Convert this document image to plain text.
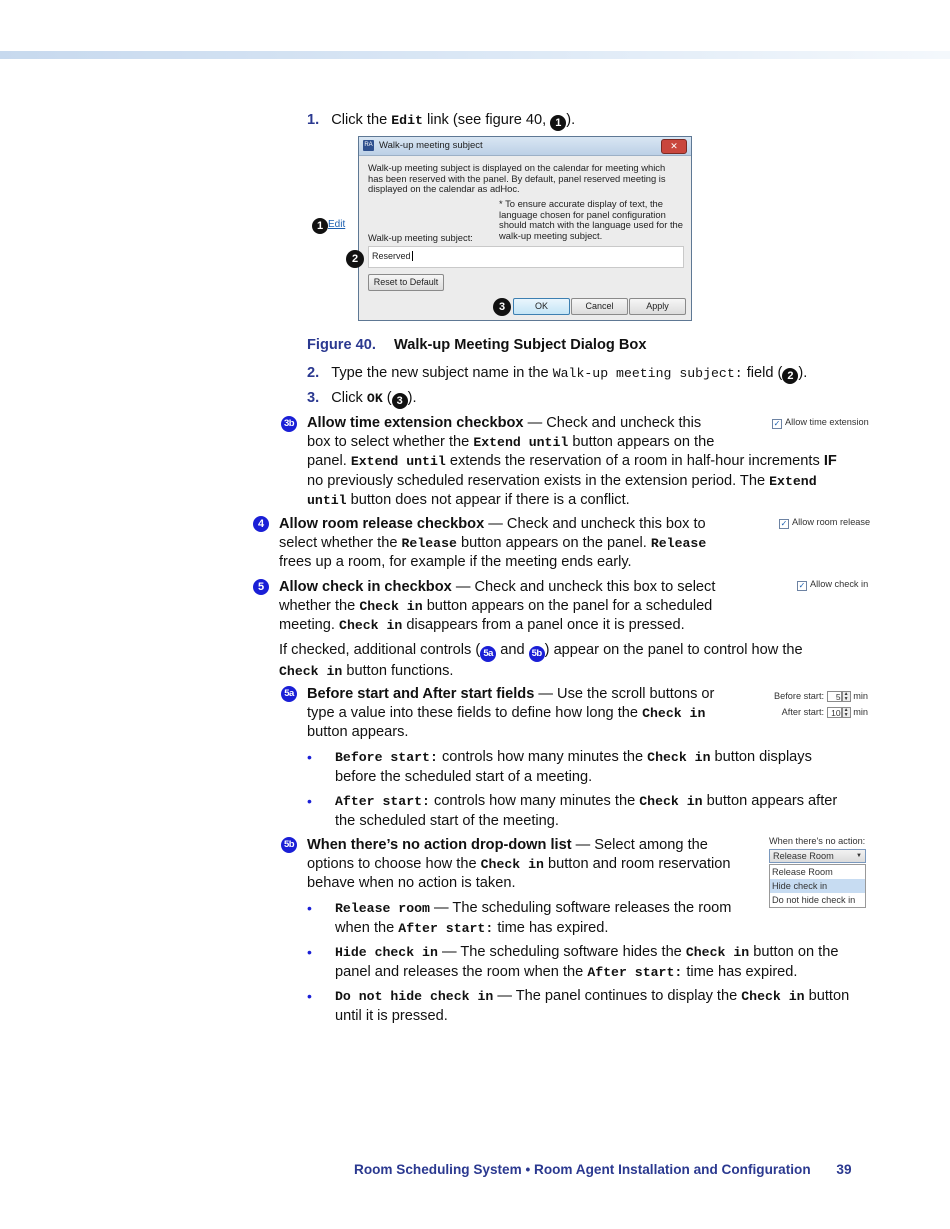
1. Click the Edit link (see figure 40, 1 ).
1 Edit
RA Walk-up meeting subject	✕
Walk-up meeting subject is displayed on the calendar for meeting which has been reserved with the panel. By default, panel reserved meeting is displayed on the calendar as adHoc.
* To ensure accurate display of text, the language chosen for panel configuration should match with the language used for the walk-up meeting subject.
Walk-up meeting subject:
Reserved
Reset to Default
OK	Cancel	Apply
2
3
Figure 40. Walk-up Meeting Subject Dialog Box
2. Type the new subject name in the Walk-up meeting subject: field ( 2 ).
3. Click OK ( 3 ).
3b Allow time extension checkbox — Check and uncheck this
box to select whether the Extend until button appears on the
panel. Extend until extends the reservation of a room in half-hour increments IF
no previously scheduled reservation exists in the extension period. The Extend
until button does not appear if there is a conflict.
✓ Allow time extension
4	Allow room release checkbox — Check and uncheck this box to
select whether the Release button appears on the panel. Release
frees up a room, for example if the meeting ends early.
✓ Allow room release
5	Allow check in checkbox — Check and uncheck this box to select
whether the Check in button appears on the panel for a scheduled
meeting. Check in disappears from a panel once it is pressed.
✓ Allow check in
If checked, additional controls ( 5a and 5b ) appear on the panel to control how the
Check in button functions.
5a Before start and After start fields — Use the scroll buttons or
type a value into these fields to define how long the Check in
button appears.
Before start: 5 ▲
▼ min
After start: 10 ▲
▼ min
• Before start: controls how many minutes the Check in button displays
before the scheduled start of a meeting.
• After start: controls how many minutes the Check in button appears after
the scheduled start of the meeting.
5b When there’s no action drop-down list — Select among the
options to choose how the Check in button and room reservation
behave when no action is taken.
When there's no action:
Release Room	▼
Release Room
Hide check in
Do not hide check in
• Release room — The scheduling software releases the room
when the After start: time has expired.
• Hide check in — The scheduling software hides the Check in button on the
panel and releases the room when the After start: time has expired.
• Do not hide check in — The panel continues to display the Check in button
until it is pressed.
Room Scheduling System • Room Agent Installation and Configuration 39
